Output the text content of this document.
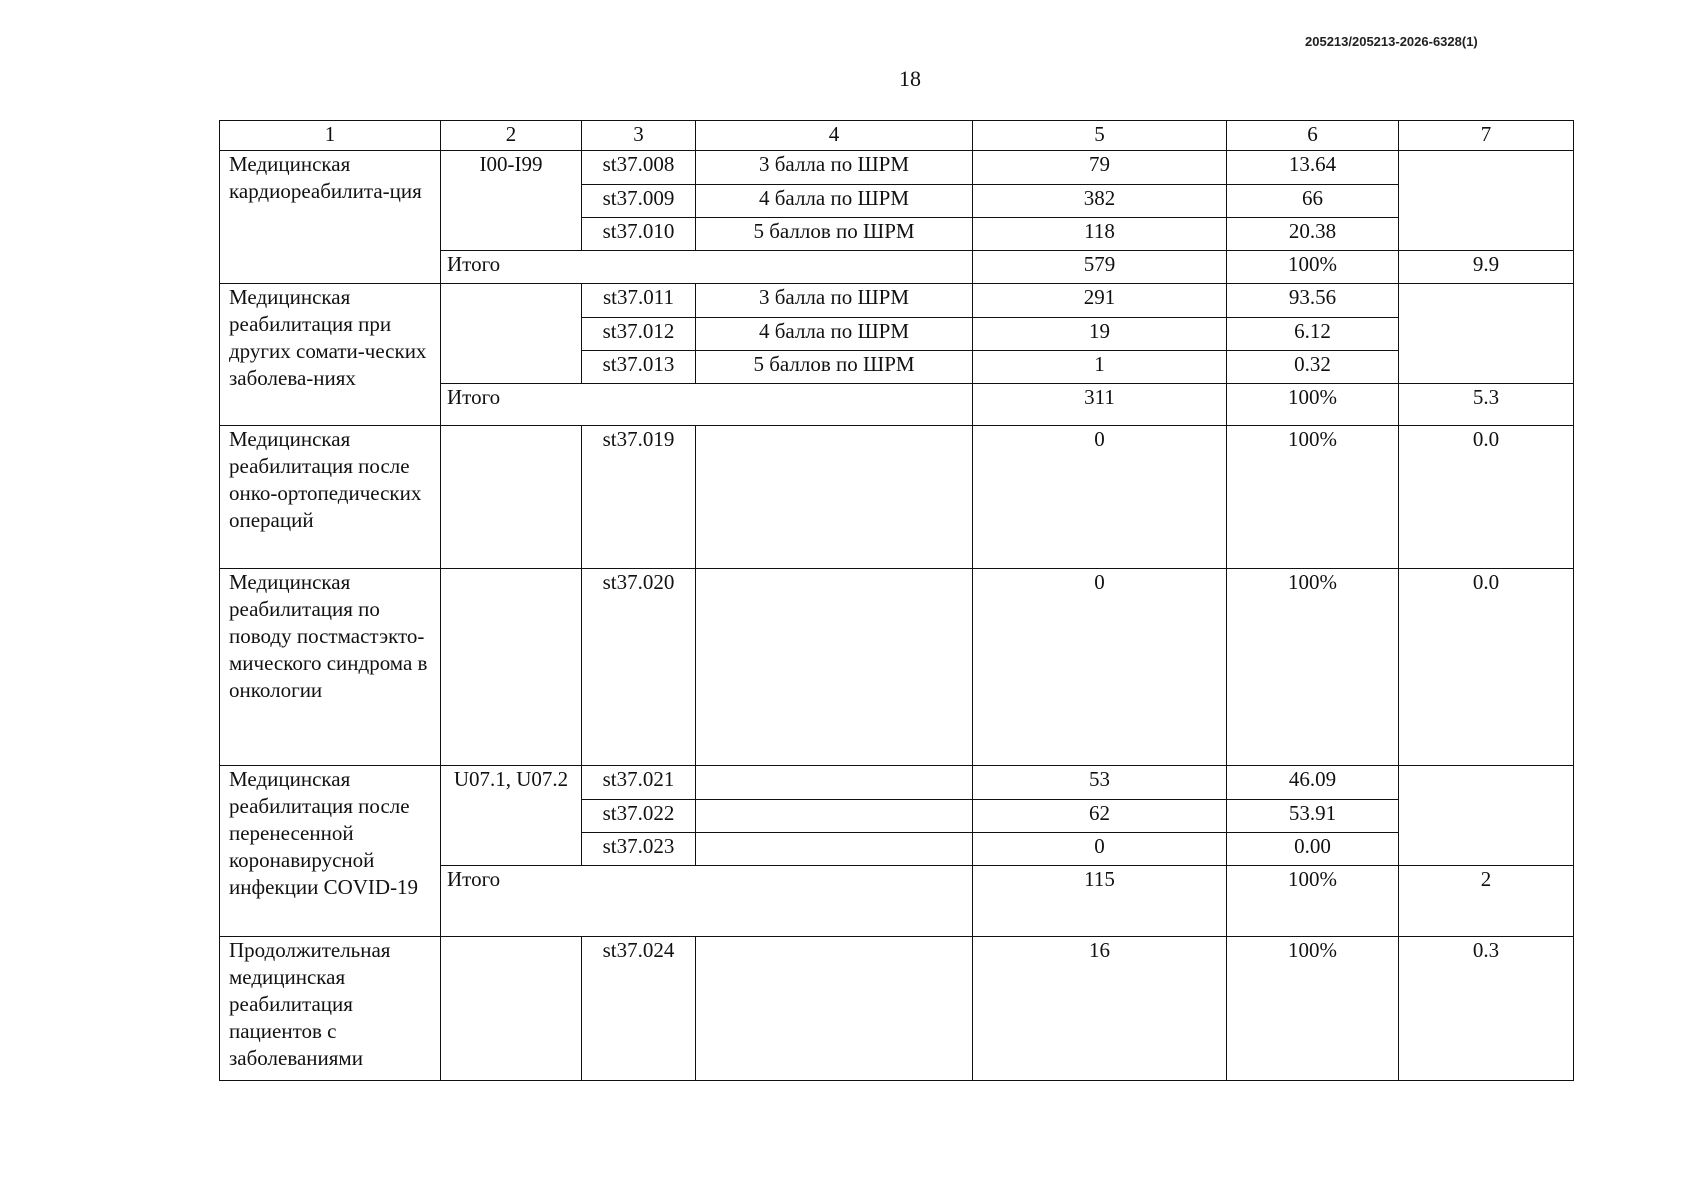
205213/205213-2026-6328(1)
18
1	2	3	4	5	6	7
Медицинская кардиореабилита-ция	I00-I99	st37.008	3 балла по ШРМ	79	13.64	
		st37.009	4 балла по ШРМ	382	66	
		st37.010	5 баллов по ШРМ	118	20.38	
	Итого			579	100%	9.9
Медицинская реабилитация при других сомати-ческих заболева-ниях		st37.011	3 балла по ШРМ	291	93.56	
		st37.012	4 балла по ШРМ	19	6.12	
		st37.013	5 баллов по ШРМ	1	0.32	
	Итого			311	100%	5.3
Медицинская реабилитация после онко-ортопедических операций		st37.019		0	100%	0.0
Медицинская реабилитация по поводу постмастэкто-мического синдрома в онкологии		st37.020		0	100%	0.0
Медицинская реабилитация после перенесенной коронавирусной инфекции COVID-19	U07.1, U07.2	st37.021		53	46.09	
		st37.022		62	53.91	
		st37.023		0	0.00	
	Итого			115	100%	2
Продолжительная медицинская реабилитация пациентов с заболеваниями		st37.024		16	100%	0.3
